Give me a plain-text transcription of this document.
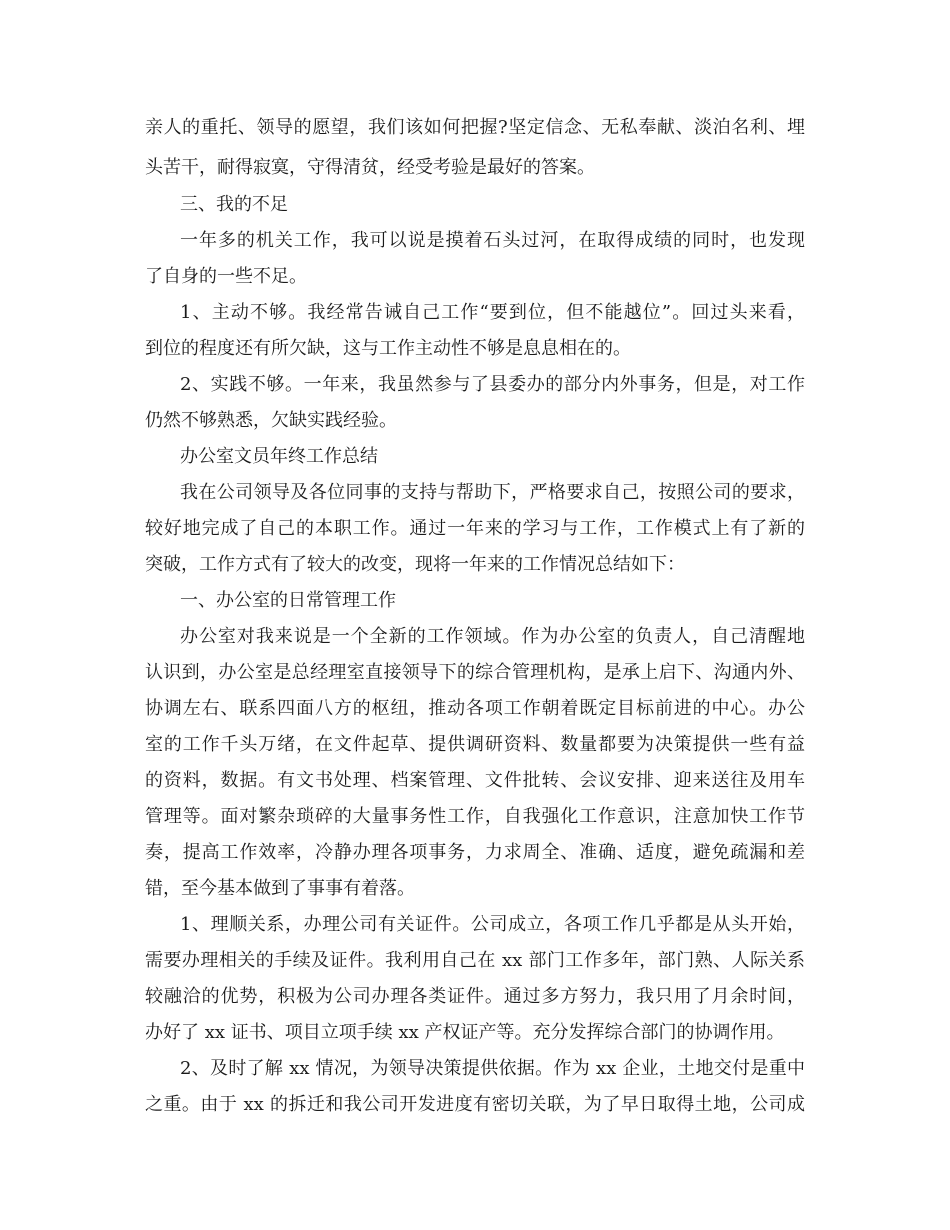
亲人的重托、领导的愿望，我们该如何把握?坚定信念、无私奉献、淡泊名利、埋
头苦干，耐得寂寞，守得清贫，经受考验是最好的答案。
三、我的不足
一年多的机关工作，我可以说是摸着石头过河，在取得成绩的同时，也发现
了自身的一些不足。
1、主动不够。我经常告诫自己工作“要到位，但不能越位”。回过头来看，
到位的程度还有所欠缺，这与工作主动性不够是息息相在的。
2、实践不够。一年来，我虽然参与了县委办的部分内外事务，但是，对工作
仍然不够熟悉，欠缺实践经验。
办公室文员年终工作总结
我在公司领导及各位同事的支持与帮助下，严格要求自己，按照公司的要求，
较好地完成了自己的本职工作。通过一年来的学习与工作，工作模式上有了新的
突破，工作方式有了较大的改变，现将一年来的工作情况总结如下：
一、办公室的日常管理工作
办公室对我来说是一个全新的工作领域。作为办公室的负责人，自己清醒地
认识到，办公室是总经理室直接领导下的综合管理机构，是承上启下、沟通内外、
协调左右、联系四面八方的枢纽，推动各项工作朝着既定目标前进的中心。办公
室的工作千头万绪，在文件起草、提供调研资料、数量都要为决策提供一些有益
的资料，数据。有文书处理、档案管理、文件批转、会议安排、迎来送往及用车
管理等。面对繁杂琐碎的大量事务性工作，自我强化工作意识，注意加快工作节
奏，提高工作效率，冷静办理各项事务，力求周全、准确、适度，避免疏漏和差
错，至今基本做到了事事有着落。
1、理顺关系，办理公司有关证件。公司成立，各项工作几乎都是从头开始，
需要办理相关的手续及证件。我利用自己在 xx 部门工作多年，部门熟、人际关系
较融洽的优势，积极为公司办理各类证件。通过多方努力，我只用了月余时间，
办好了 xx 证书、项目立项手续 xx 产权证产等。充分发挥综合部门的协调作用。
2、及时了解 xx 情况，为领导决策提供依据。作为 xx 企业，土地交付是重中
之重。由于 xx 的拆迁和我公司开发进度有密切关联，为了早日取得土地，公司成
